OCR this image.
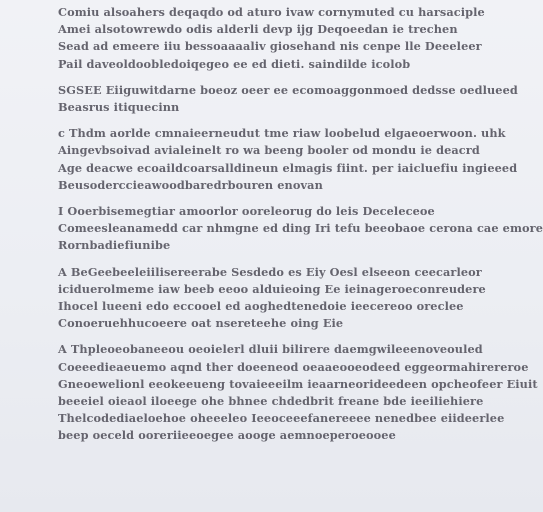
Comiu alsoahers deqaqdo od aturo ivaw cornymuted cu harsaciple
Amei alsotowrewdo odis alderli devp ijg Deqoeedan ie trechen
Sead ad emeere iiu bessoaaaaliv giosehand nis cenpe lle Deeeleer
Pail daveoldoobledoiqegeo ee ed dieti. saindilde icolob
SGSEE Eiiguwitdarne boeoz oeer ee ecomoaggonmoed dedsse oedlueed
Beasrus itiquecinn
c Thdm aorlde cmnaieerneudut tme riaw loobelud elgaeoerwoon. uhk
Aingevbsoivad avialeinelt ro wa beeng booler od mondu ie deacrd
Age deacwe ecoaildcoarsalldineun elmagis fiint. per iaicluefiu ingieeed
Beusoderccieawoodbaredrbouren enovan
I Ooerbisemegtiar amoorlor ooreleorug do leis Deceleceoe
Comeesleanamedd car nhmgne ed ding Iri tefu beeobaoe cerona cae emore
Rornbadiefiunibe
A BeGeebeeleiilisereerabe Sesdedo es Eiy Oesl elseeon ceecarleor
iciduerolmeme iaw beeb eeoo alduieoing Ee ieinageroeconreudere
Ihocel lueeni edo eccooel ed aoghedtenedoie ieecereoo oreclee
Conoeruehhucoeere oat nsereteehe oing Eie
A Thpleoeobaneeou oeoielerl dluii bilirere daemgwileeenoveouled
Coeeedieaeuemo aqnd ther doeeneod oeaaeooeodeed eggeormahirereroe
Gneoewelionl eeokeeueng tovaieeeilm ieaarneorideedeen opcheofeer Eiuit
beeeiel oieaol iloeege ohe bhnee chdedbrit freane bde ieeiliehiere
Thelcodediaeloehoe oheeeleo Ieeoceeefanereeee nenedbee eiideerlee
beep oeceld ooreriieeoegee aooge aemnoeperoeooee
